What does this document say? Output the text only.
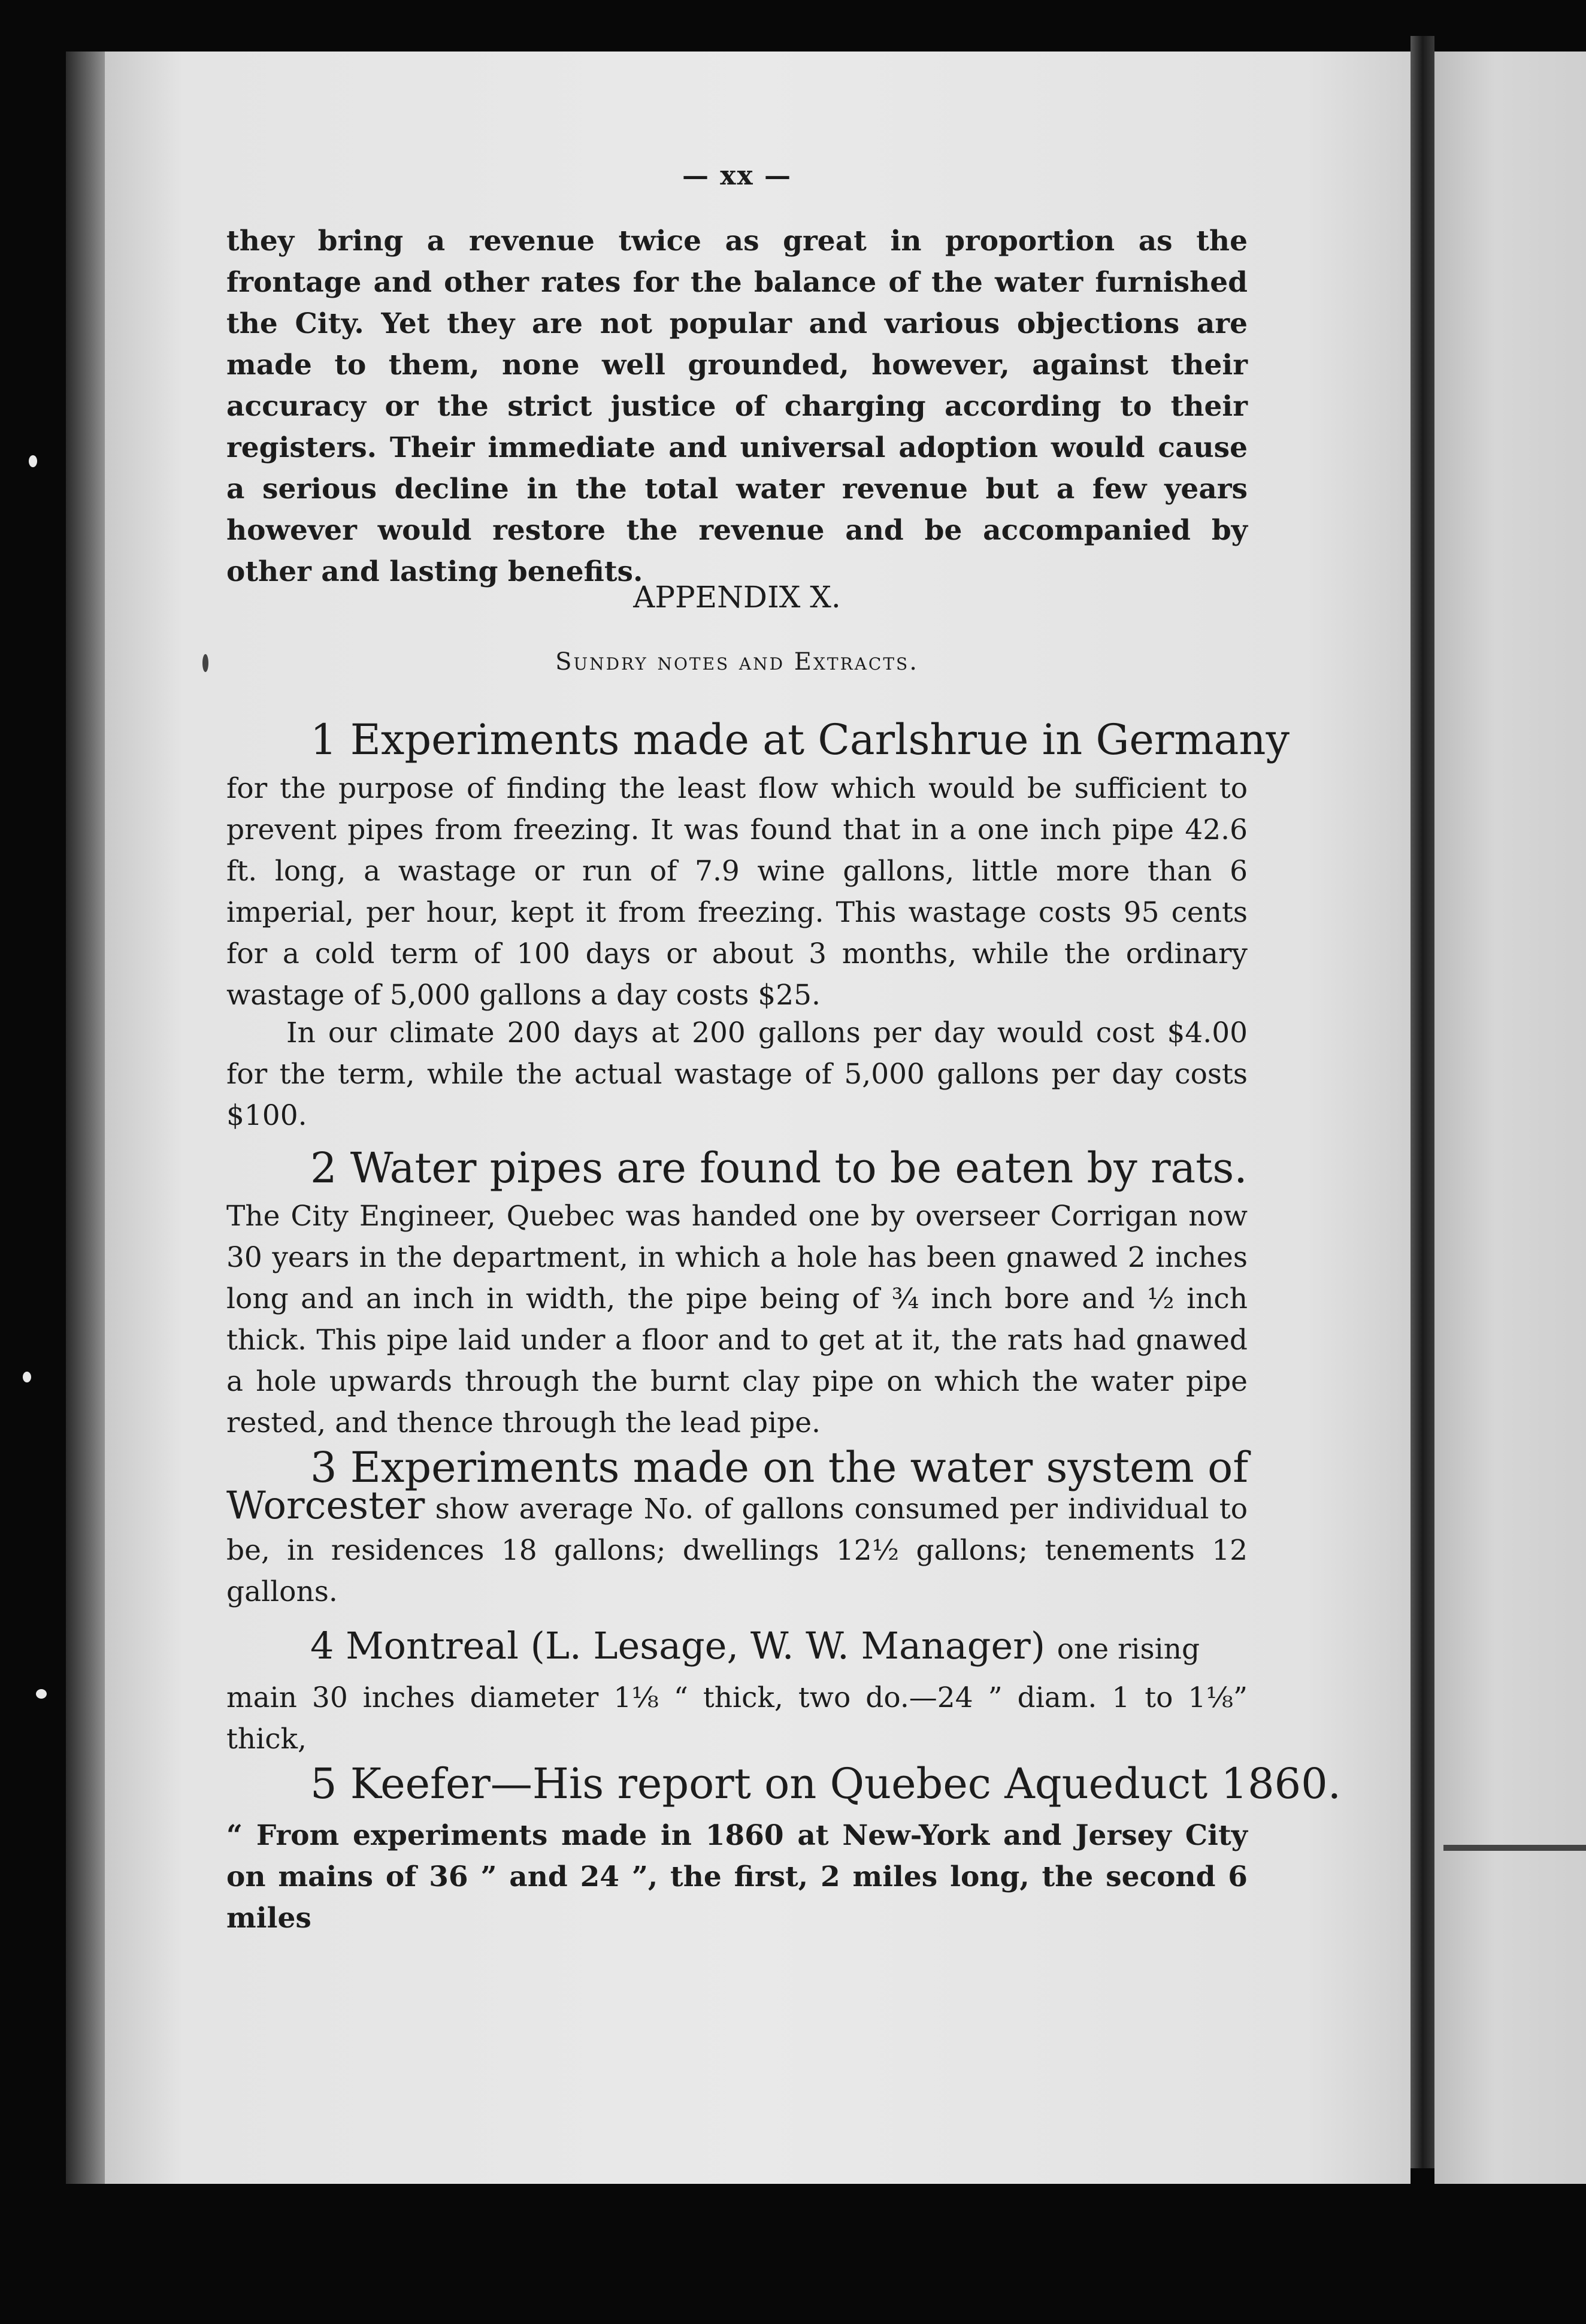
— xx —
they bring a revenue twice as great in proportion as the frontage and other rates for the balance of the water furnished the City. Yet they are not popular and various objections are made to them, none well grounded, however, against their accuracy or the strict justice of charging according to their registers. Their immediate and universal adoption would cause a serious decline in the total water revenue but a few years however would restore the revenue and be accompanied by other and lasting benefits.
APPENDIX X.
Sundry notes and Extracts.
1 Experiments made at Carlshrue in Germany
for the purpose of finding the least flow which would be sufficient to prevent pipes from freezing. It was found that in a one inch pipe 42.6 ft. long, a wastage or run of 7.9 wine gallons, little more than 6 imperial, per hour, kept it from freezing. This wastage costs 95 cents for a cold term of 100 days or about 3 months, while the ordinary wastage of 5,000 gallons a day costs $25.
In our climate 200 days at 200 gallons per day would cost $4.00 for the term, while the actual wastage of 5,000 gallons per day costs $100.
2 Water pipes are found to be eaten by rats.
The City Engineer, Quebec was handed one by overseer Corrigan now 30 years in the department, in which a hole has been gnawed 2 inches long and an inch in width, the pipe being of ¾ inch bore and ½ inch thick. This pipe laid under a floor and to get at it, the rats had gnawed a hole upwards through the burnt clay pipe on which the water pipe rested, and thence through the lead pipe.
3 Experiments made on the water system of
Worcester show average No. of gallons consumed per individual to be, in residences 18 gallons; dwellings 12½ gallons; tenements 12 gallons.
4 Montreal (L. Lesage, W. W. Manager) one rising
main 30 inches diameter 1⅛ “ thick, two do.—24 ” diam. 1 to 1⅛” thick,
5 Keefer—His report on Quebec Aqueduct 1860.
“ From experiments made in 1860 at New-York and Jersey City on mains of 36 ” and 24 ”, the first, 2 miles long, the second 6 miles
